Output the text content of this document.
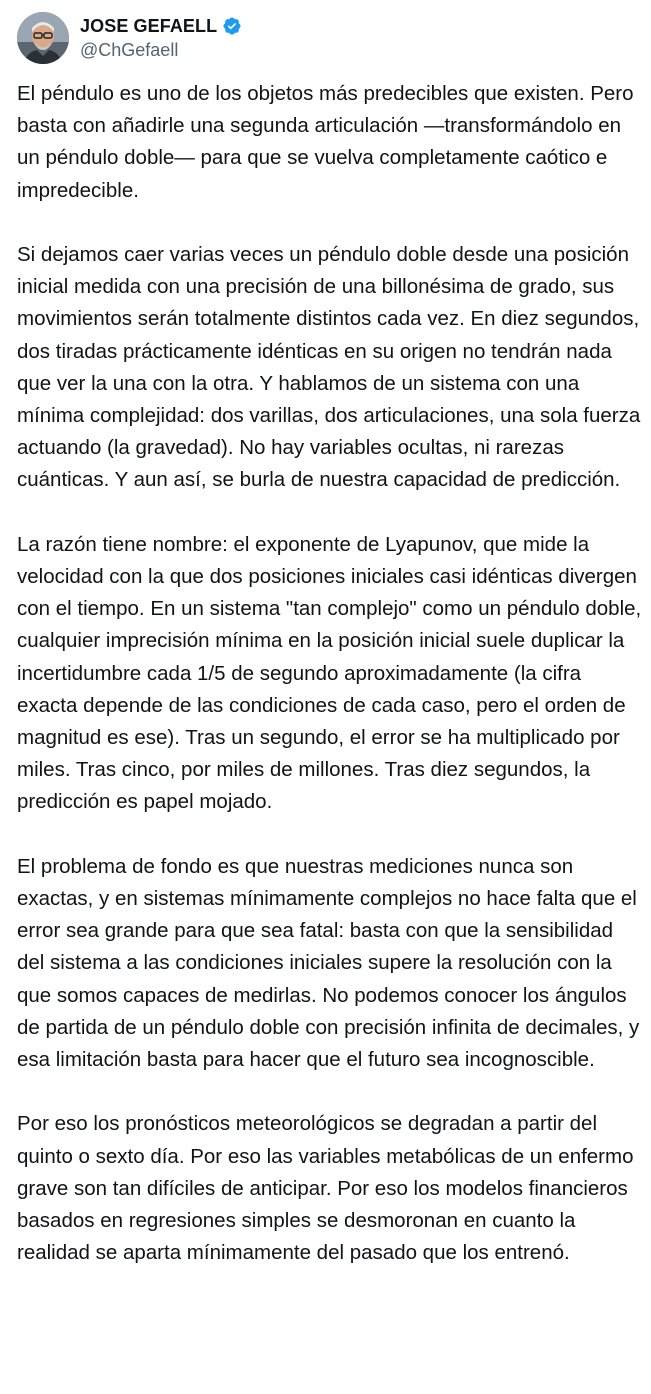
JOSE GEFAELL
@ChGefaell

El péndulo es uno de los objetos más predecibles que existen. Pero basta con añadirle una segunda articulación —transformándolo en un péndulo doble— para que se vuelva completamente caótico e impredecible.

Si dejamos caer varias veces un péndulo doble desde una posición inicial medida con una precisión de una billonésima de grado, sus movimientos serán totalmente distintos cada vez. En diez segundos, dos tiradas prácticamente idénticas en su origen no tendrán nada que ver la una con la otra. Y hablamos de un sistema con una mínima complejidad: dos varillas, dos articulaciones, una sola fuerza actuando (la gravedad). No hay variables ocultas, ni rarezas cuánticas. Y aun así, se burla de nuestra capacidad de predicción.

La razón tiene nombre: el exponente de Lyapunov, que mide la velocidad con la que dos posiciones iniciales casi idénticas divergen con el tiempo. En un sistema "tan complejo" como un péndulo doble, cualquier imprecisión mínima en la posición inicial suele duplicar la incertidumbre cada 1/5 de segundo aproximadamente (la cifra exacta depende de las condiciones de cada caso, pero el orden de magnitud es ese). Tras un segundo, el error se ha multiplicado por miles. Tras cinco, por miles de millones. Tras diez segundos, la predicción es papel mojado.

El problema de fondo es que nuestras mediciones nunca son exactas, y en sistemas mínimamente complejos no hace falta que el error sea grande para que sea fatal: basta con que la sensibilidad del sistema a las condiciones iniciales supere la resolución con la que somos capaces de medirlas. No podemos conocer los ángulos de partida de un péndulo doble con precisión infinita de decimales, y esa limitación basta para hacer que el futuro sea incognoscible.

Por eso los pronósticos meteorológicos se degradan a partir del quinto o sexto día. Por eso las variables metabólicas de un enfermo grave son tan difíciles de anticipar. Por eso los modelos financieros basados en regresiones simples se desmoronan en cuanto la realidad se aparta mínimamente del pasado que los entrenó.
